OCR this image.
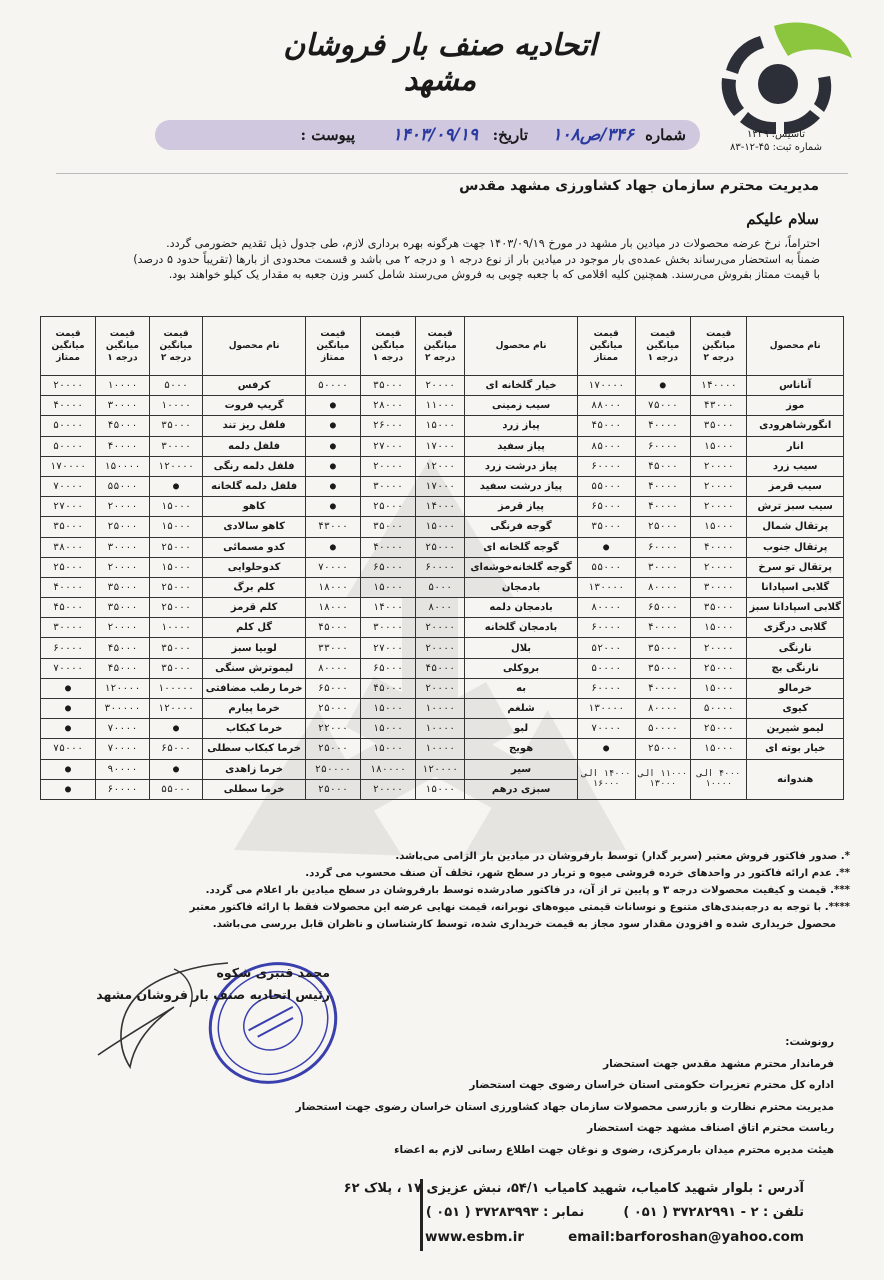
تاسیس: ۱۳۴۹
شماره ثبت: ۴۵-۱۲-۸۳
اتحادیه صنف بار فروشان مشهد
شماره
۳۴۶/ص۱۰۸
تاریخ:
۱۴۰۳/۰۹/۱۹
پیوست :
مدیریت محترم سازمان جهاد کشاورزی مشهد مقدس
سلام علیکم

احتراماً، نرخ عرضه محصولات در میادین بار مشهد در مورخ ۱۴۰۳/۰۹/۱۹ جهت هرگونه بهره برداری لازم، طی جدول ذیل تقدیم حضورمی گردد.

ضمناً به استحضار می‌رساند بخش عمده‌ی بار موجود در میادین بار از نوع درجه ۱ و درجه ۲ می باشد و قسمت محدودی از بارها (تقریباً حدود ۵ درصد)

با قیمت ممتاز بفروش می‌رسند. همچنین کلیه اقلامی که با جعبه چوبی به فروش می‌رسند شامل کسر وزن جعبه به مقدار یک کیلو خواهند بود.

نام محصول	قیمت میانگین درجه ۲	قیمت میانگین درجه ۱	قیمت میانگین ممتاز	نام محصول	قیمت میانگین درجه ۲	قیمت میانگین درجه ۱	قیمت میانگین ممتاز	نام محصول	قیمت میانگین درجه ۲	قیمت میانگین درجه ۱	قیمت میانگین ممتاز
آناناس	۱۴۰۰۰۰	●	۱۷۰۰۰۰	خیار گلخانه ای	۲۰۰۰۰	۳۵۰۰۰	۵۰۰۰۰	کرفس	۵۰۰۰	۱۰۰۰۰	۲۰۰۰۰
موز	۴۳۰۰۰	۷۵۰۰۰	۸۸۰۰۰	سیب زمینی	۱۱۰۰۰	۲۸۰۰۰	●	گریپ فروت	۱۰۰۰۰	۳۰۰۰۰	۴۰۰۰۰
انگورشاهرودی	۳۵۰۰۰	۴۰۰۰۰	۴۵۰۰۰	پیاز زرد	۱۵۰۰۰	۲۶۰۰۰	●	فلفل ریز تند	۳۵۰۰۰	۴۵۰۰۰	۵۰۰۰۰
انار	۱۵۰۰۰	۶۰۰۰۰	۸۵۰۰۰	پیاز سفید	۱۷۰۰۰	۲۷۰۰۰	●	فلفل دلمه	۳۰۰۰۰	۴۰۰۰۰	۵۰۰۰۰
سیب زرد	۲۰۰۰۰	۴۵۰۰۰	۶۰۰۰۰	پیاز درشت زرد	۱۲۰۰۰	۲۰۰۰۰	●	فلفل دلمه رنگی	۱۲۰۰۰۰	۱۵۰۰۰۰	۱۷۰۰۰۰
سیب قرمز	۲۰۰۰۰	۴۰۰۰۰	۵۵۰۰۰	پیاز درشت سفید	۱۷۰۰۰	۳۰۰۰۰	●	فلفل دلمه گلخانه	●	۵۵۰۰۰	۷۰۰۰۰
سیب سبز ترش	۲۰۰۰۰	۴۰۰۰۰	۶۵۰۰۰	پیاز قرمز	۱۴۰۰۰	۲۵۰۰۰	●	کاهو	۱۵۰۰۰	۲۰۰۰۰	۲۷۰۰۰
پرتقال شمال	۱۵۰۰۰	۲۵۰۰۰	۳۵۰۰۰	گوجه فرنگی	۱۵۰۰۰	۳۵۰۰۰	۴۳۰۰۰	کاهو سالادی	۱۵۰۰۰	۲۵۰۰۰	۳۵۰۰۰
پرتقال جنوب	۴۰۰۰۰	۶۰۰۰۰	●	گوجه گلخانه ای	۲۵۰۰۰	۴۰۰۰۰	●	کدو مسمائی	۲۵۰۰۰	۳۰۰۰۰	۳۸۰۰۰
پرتقال تو سرخ	۲۰۰۰۰	۳۰۰۰۰	۵۵۰۰۰	گوجه گلخانه‌خوشه‌ای	۶۰۰۰۰	۶۵۰۰۰	۷۰۰۰۰	کدوحلوایی	۱۵۰۰۰	۲۰۰۰۰	۲۵۰۰۰
گلابی اسپادانا	۳۰۰۰۰	۸۰۰۰۰	۱۳۰۰۰۰	بادمجان	۵۰۰۰	۱۵۰۰۰	۱۸۰۰۰	کلم برگ	۲۵۰۰۰	۳۵۰۰۰	۴۰۰۰۰
گلابی اسپادانا سبز	۳۵۰۰۰	۶۵۰۰۰	۸۰۰۰۰	بادمجان دلمه	۸۰۰۰	۱۴۰۰۰	۱۸۰۰۰	کلم قرمز	۲۵۰۰۰	۳۵۰۰۰	۴۵۰۰۰
گلابی درگزی	۱۵۰۰۰	۴۰۰۰۰	۶۰۰۰۰	بادمجان گلخانه	۲۰۰۰۰	۳۰۰۰۰	۴۵۰۰۰	گل کلم	۱۰۰۰۰	۲۰۰۰۰	۳۰۰۰۰
نارنگی	۲۰۰۰۰	۳۵۰۰۰	۵۲۰۰۰	بلال	۲۰۰۰۰	۲۷۰۰۰	۳۳۰۰۰	لوبیا سبز	۳۵۰۰۰	۴۵۰۰۰	۶۰۰۰۰
نارنگی بچ	۲۵۰۰۰	۳۵۰۰۰	۵۰۰۰۰	بروکلی	۴۵۰۰۰	۶۵۰۰۰	۸۰۰۰۰	لیموترش سنگی	۳۵۰۰۰	۴۵۰۰۰	۷۰۰۰۰
خرمالو	۱۵۰۰۰	۴۰۰۰۰	۶۰۰۰۰	به	۲۰۰۰۰	۴۵۰۰۰	۶۵۰۰۰	خرما رطب مضافتی	۱۰۰۰۰۰	۱۲۰۰۰۰	●
کیوی	۵۰۰۰۰	۸۰۰۰۰	۱۳۰۰۰۰	شلغم	۱۰۰۰۰	۱۵۰۰۰	۲۵۰۰۰	خرما پیارم	۱۲۰۰۰۰	۳۰۰۰۰۰	●
لیمو شیرین	۲۵۰۰۰	۵۰۰۰۰	۷۰۰۰۰	لبو	۱۰۰۰۰	۱۵۰۰۰	۲۲۰۰۰	خرما کبکاب	●	۷۰۰۰۰	●
خیار بوته ای	۱۵۰۰۰	۲۵۰۰۰	●	هویج	۱۰۰۰۰	۱۵۰۰۰	۲۵۰۰۰	خرما کبکاب سطلی	۶۵۰۰۰	۷۰۰۰۰	۷۵۰۰۰
هندوانه	۴۰۰۰ الی ۱۰۰۰۰	۱۱۰۰۰ الی ۱۳۰۰۰	۱۴۰۰۰ الی ۱۶۰۰۰	سیر	۱۲۰۰۰۰	۱۸۰۰۰۰	۲۵۰۰۰۰	خرما زاهدی	●	۹۰۰۰۰	●
				سبزی درهم	۱۵۰۰۰	۲۰۰۰۰	۲۵۰۰۰	خرما سطلی	۵۵۰۰۰	۶۰۰۰۰	●

*. صدور فاکتور فروش معتبر (سربر گدار) توسط بارفروشان در میادین بار الزامی می‌باشد.

**. عدم ارائه فاکتور در واحدهای خرده فروشی میوه و تربار در سطح شهر، تخلف آن صنف محسوب می گردد.

***. قیمت و کیفیت محصولات درجه ۳ و پایین تر از آن، در فاکتور صادرشده توسط بارفروشان در سطح میادین بار اعلام می گردد.

****. با توجه به درجه‌بندی‌های متنوع و نوسانات قیمتی میوه‌های نوبرانه، قیمت نهایی عرضه این محصولات فقط با ارائه فاکتور معتبر

محصول خریداری شده و افزودن مقدار سود مجاز به قیمت خریداری شده، توسط کارشناسان و ناظران قابل بررسی می‌باشد.

محمد قنبری شکوه
رئیس اتحادیه صنف بار فروشان مشهد

رونوشت:

فرماندار محترم مشهد مقدس جهت استحضار

اداره کل محترم تعزیرات حکومتی استان خراسان رضوی جهت استحضار

مدیریت محترم نظارت و بازرسی محصولات سازمان جهاد کشاورزی استان خراسان رضوی جهت استحضار

ریاست محترم اتاق اصناف مشهد جهت استحضار

هیئت مدیره محترم میدان بارمرکزی، رضوی و نوغان جهت اطلاع رسانی لازم به اعضاء

آدرس : بلوار شهید کامیاب، شهید کامیاب ۵۴/۱، نبش عزیزی ۱۷ ، پلاک ۶۲
تلفن : ۲ - ۳۷۲۸۲۹۹۱ ( ۰۵۱ )  نمابر : ۳۷۲۸۳۹۹۳ ( ۰۵۱ )
www.esbm.ir	email:barforoshan@yahoo.com
